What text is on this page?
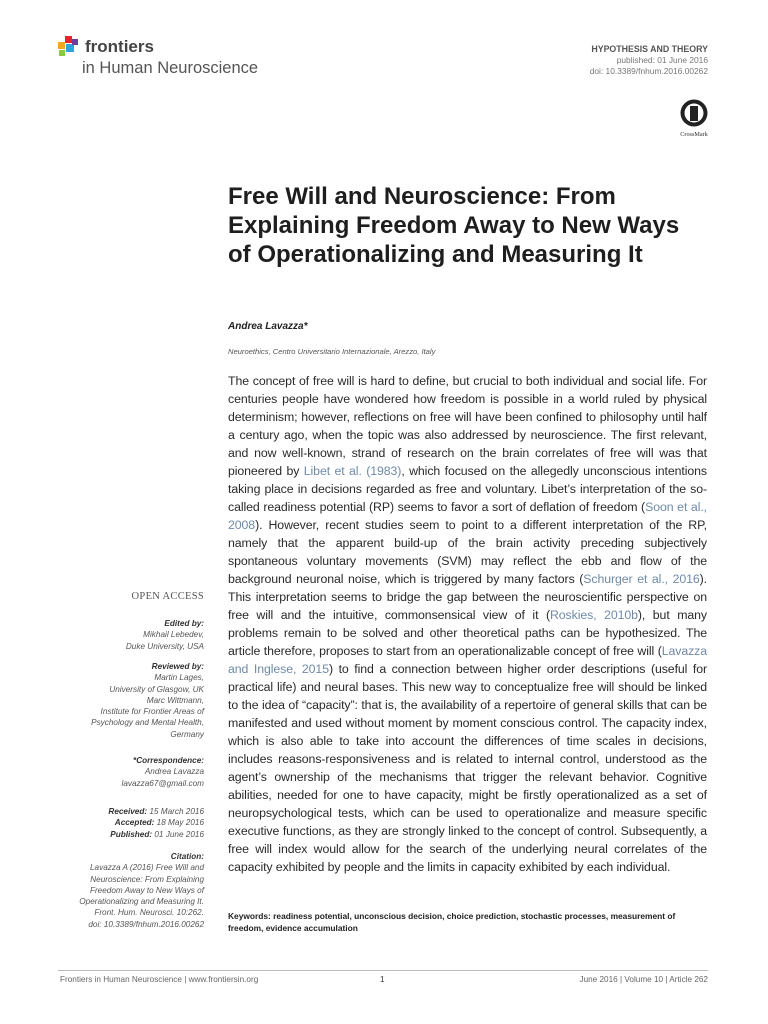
frontiers
in Human Neuroscience
HYPOTHESIS AND THEORY
published: 01 June 2016
doi: 10.3389/fnhum.2016.00262
CrossMark
Free Will and Neuroscience: From Explaining Freedom Away to New Ways of Operationalizing and Measuring It
Andrea Lavazza*
Neuroethics, Centro Universitario Internazionale, Arezzo, Italy

The concept of free will is hard to define, but crucial to both individual and social life. For centuries people have wondered how freedom is possible in a world ruled by physical determinism; however, reflections on free will have been confined to philosophy until half a century ago, when the topic was also addressed by neuroscience. The first relevant, and now well-known, strand of research on the brain correlates of free will was that pioneered by Libet et al. (1983), which focused on the allegedly unconscious intentions taking place in decisions regarded as free and voluntary. Libet’s interpretation of the so-called readiness potential (RP) seems to favor a sort of deflation of freedom (Soon et al., 2008). However, recent studies seem to point to a different interpretation of the RP, namely that the apparent build-up of the brain activity preceding subjectively spontaneous voluntary movements (SVM) may reflect the ebb and flow of the background neuronal noise, which is triggered by many factors (Schurger et al., 2016). This interpretation seems to bridge the gap between the neuroscientific perspective on free will and the intuitive, commonsensical view of it (Roskies, 2010b), but many problems remain to be solved and other theoretical paths can be hypothesized. The article therefore, proposes to start from an operationalizable concept of free will (Lavazza and Inglese, 2015) to find a connection between higher order descriptions (useful for practical life) and neural bases. This new way to conceptualize free will should be linked to the idea of “capacity”: that is, the availability of a repertoire of general skills that can be manifested and used without moment by moment conscious control. The capacity index, which is also able to take into account the differences of time scales in decisions, includes reasons-responsiveness and is related to internal control, understood as the agent’s ownership of the mechanisms that trigger the relevant behavior. Cognitive abilities, needed for one to have capacity, might be firstly operationalized as a set of neuropsychological tests, which can be used to operationalize and measure specific executive functions, as they are strongly linked to the concept of control. Subsequently, a free will index would allow for the search of the underlying neural correlates of the capacity exhibited by people and the limits in capacity exhibited by each individual.

Keywords: readiness potential, unconscious decision, choice prediction, stochastic processes, measurement of freedom, evidence accumulation

OPEN ACCESS
Edited by:
Mikhail Lebedev,
Duke University, USA
Reviewed by:
Martin Lages,
University of Glasgow, UK
Marc Wittmann,
Institute for Frontier Areas of
Psychology and Mental Health,
Germany
*Correspondence:
Andrea Lavazza
lavazza67@gmail.com
Received: 15 March 2016
Accepted: 18 May 2016
Published: 01 June 2016
Citation:
Lavazza A (2016) Free Will and
Neuroscience: From Explaining
Freedom Away to New Ways of
Operationalizing and Measuring It.
Front. Hum. Neurosci. 10:262.
doi: 10.3389/fnhum.2016.00262
Frontiers in Human Neuroscience | www.frontiersin.org	1	June 2016 | Volume 10 | Article 262
